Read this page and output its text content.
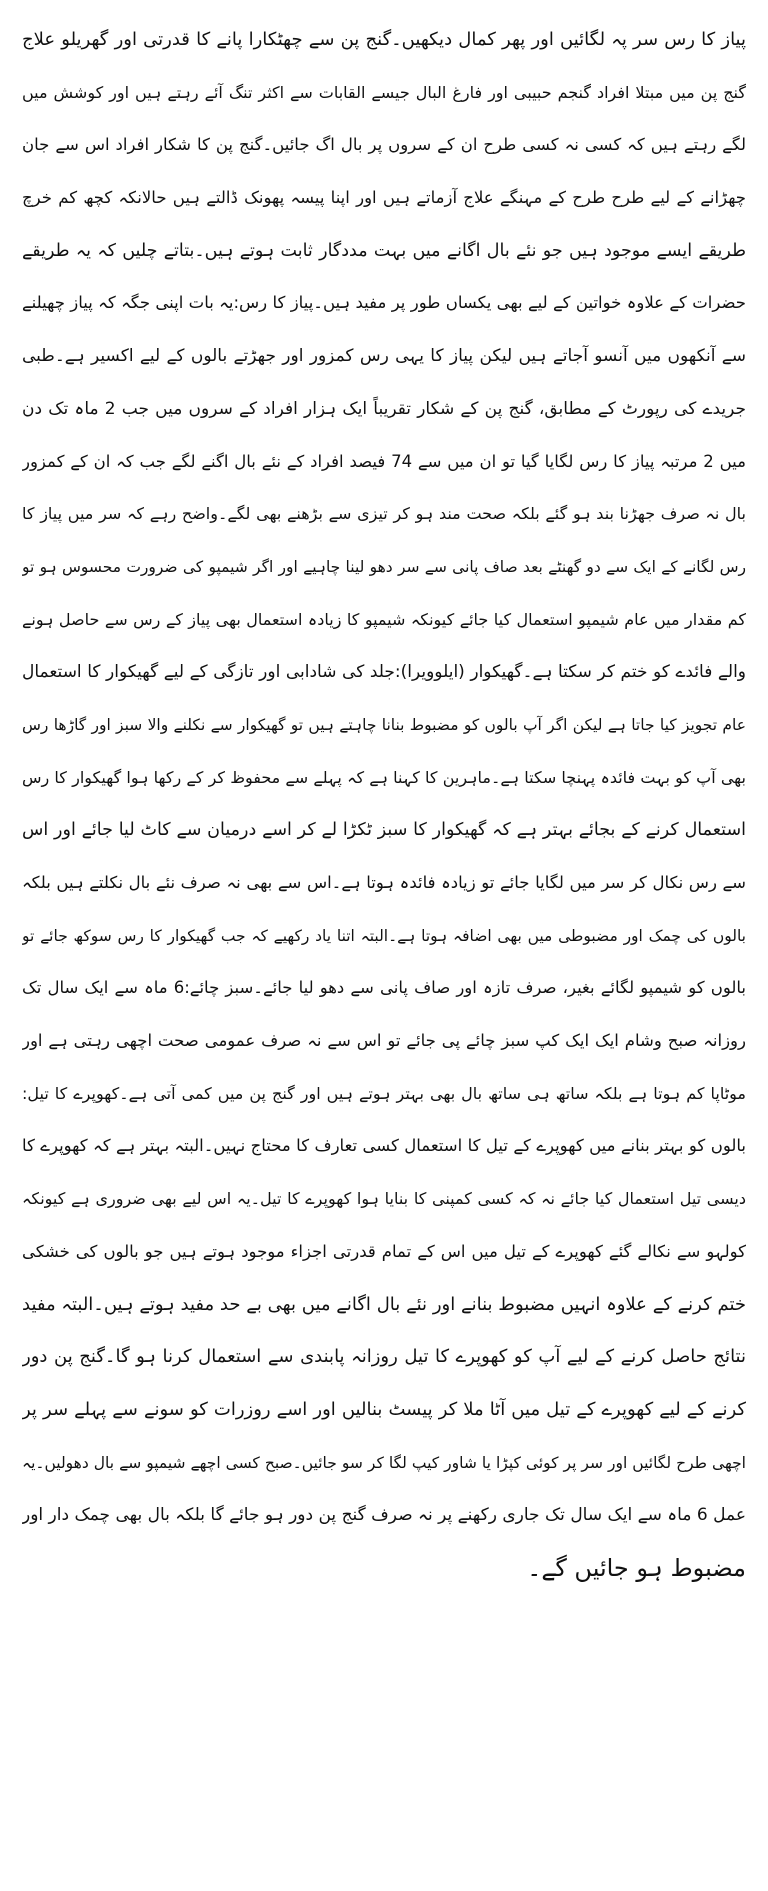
پیاز کا رس سر پہ لگائیں اور پھر کمال دیکھیں۔گنج پن سے چھٹکارا پانے کا قدرتی اور گھریلو علاج
گنج پن میں مبتلا افراد گنجم حبیبی اور فارغ البال جیسے القابات سے اکثر تنگ آئے رہتے ہیں اور کوشش میں
لگے رہتے ہیں کہ کسی نہ کسی طرح ان کے سروں پر بال اگ جائیں۔گنج پن کا شکار افراد اس سے جان
چھڑانے کے لیے طرح طرح کے مہنگے علاج آزماتے ہیں اور اپنا پیسہ پھونک ڈالتے ہیں حالانکہ کچھ کم خرچ
طریقے ایسے موجود ہیں جو نئے بال اگانے میں بہت مددگار ثابت ہوتے ہیں۔بتاتے چلیں کہ یہ طریقے
حضرات کے علاوہ خواتین کے لیے بھی یکساں طور پر مفید ہیں۔پیاز کا رس:یہ بات اپنی جگہ کہ پیاز چھیلنے
سے آنکھوں میں آنسو آجاتے ہیں لیکن پیاز کا یہی رس کمزور اور جھڑتے بالوں کے لیے اکسیر ہے۔طبی
جریدے کی رپورٹ کے مطابق، گنج پن کے شکار تقریباً ایک ہزار افراد کے سروں میں جب 2 ماہ تک دن
میں 2 مرتبہ پیاز کا رس لگایا گیا تو ان میں سے 74 فیصد افراد کے نئے بال اگنے لگے جب کہ ان کے کمزور
بال نہ صرف جھڑنا بند ہو گئے بلکہ صحت مند ہو کر تیزی سے بڑھنے بھی لگے۔واضح رہے کہ سر میں پیاز کا
رس لگانے کے ایک سے دو گھنٹے بعد صاف پانی سے سر دھو لینا چاہیے اور اگر شیمپو کی ضرورت محسوس ہو تو
کم مقدار میں عام شیمپو استعمال کیا جائے کیونکہ شیمپو کا زیادہ استعمال بھی پیاز کے رس سے حاصل ہونے
والے فائدے کو ختم کر سکتا ہے۔گھیکوار (ایلوویرا):جلد کی شادابی اور تازگی کے لیے گھیکوار کا استعمال
عام تجویز کیا جاتا ہے لیکن اگر آپ بالوں کو مضبوط بنانا چاہتے ہیں تو گھیکوار سے نکلنے والا سبز اور گاڑھا رس
بھی آپ کو بہت فائدہ پہنچا سکتا ہے۔ماہرین کا کہنا ہے کہ پہلے سے محفوظ کر کے رکھا ہوا گھیکوار کا رس
استعمال کرنے کے بجائے بہتر ہے کہ گھیکوار کا سبز ٹکڑا لے کر اسے درمیان سے کاٹ لیا جائے اور اس
سے رس نکال کر سر میں لگایا جائے تو زیادہ فائدہ ہوتا ہے۔اس سے بھی نہ صرف نئے بال نکلتے ہیں بلکہ
بالوں کی چمک اور مضبوطی میں بھی اضافہ ہوتا ہے۔البتہ اتنا یاد رکھیے کہ جب گھیکوار کا رس سوکھ جائے تو
بالوں کو شیمپو لگائے بغیر، صرف تازہ اور صاف پانی سے دھو لیا جائے۔سبز چائے:6 ماہ سے ایک سال تک
روزانہ صبح وشام ایک ایک کپ سبز چائے پی جائے تو اس سے نہ صرف عمومی صحت اچھی رہتی ہے اور
موٹاپا کم ہوتا ہے بلکہ ساتھ ہی ساتھ بال بھی بہتر ہوتے ہیں اور گنج پن میں کمی آتی ہے۔کھوپرے کا تیل:
بالوں کو بہتر بنانے میں کھوپرے کے تیل کا استعمال کسی تعارف کا محتاج نہیں۔البتہ بہتر ہے کہ کھوپرے کا
دیسی تیل استعمال کیا جائے نہ کہ کسی کمپنی کا بنایا ہوا کھوپرے کا تیل۔یہ اس لیے بھی ضروری ہے کیونکہ
کولہو سے نکالے گئے کھوپرے کے تیل میں اس کے تمام قدرتی اجزاء موجود ہوتے ہیں جو بالوں کی خشکی
ختم کرنے کے علاوہ انہیں مضبوط بنانے اور نئے بال اگانے میں بھی بے حد مفید ہوتے ہیں۔البتہ مفید
نتائج حاصل کرنے کے لیے آپ کو کھوپرے کا تیل روزانہ پابندی سے استعمال کرنا ہو گا۔گنج پن دور
کرنے کے لیے کھوپرے کے تیل میں آٹا ملا کر پیسٹ بنالیں اور اسے روزرات کو سونے سے پہلے سر پر
اچھی طرح لگائیں اور سر پر کوئی کپڑا یا شاور کیپ لگا کر سو جائیں۔صبح کسی اچھے شیمپو سے بال دھولیں۔یہ
عمل 6 ماہ سے ایک سال تک جاری رکھنے پر نہ صرف گنج پن دور ہو جائے گا بلکہ بال بھی چمک دار اور
مضبوط ہو جائیں گے۔
